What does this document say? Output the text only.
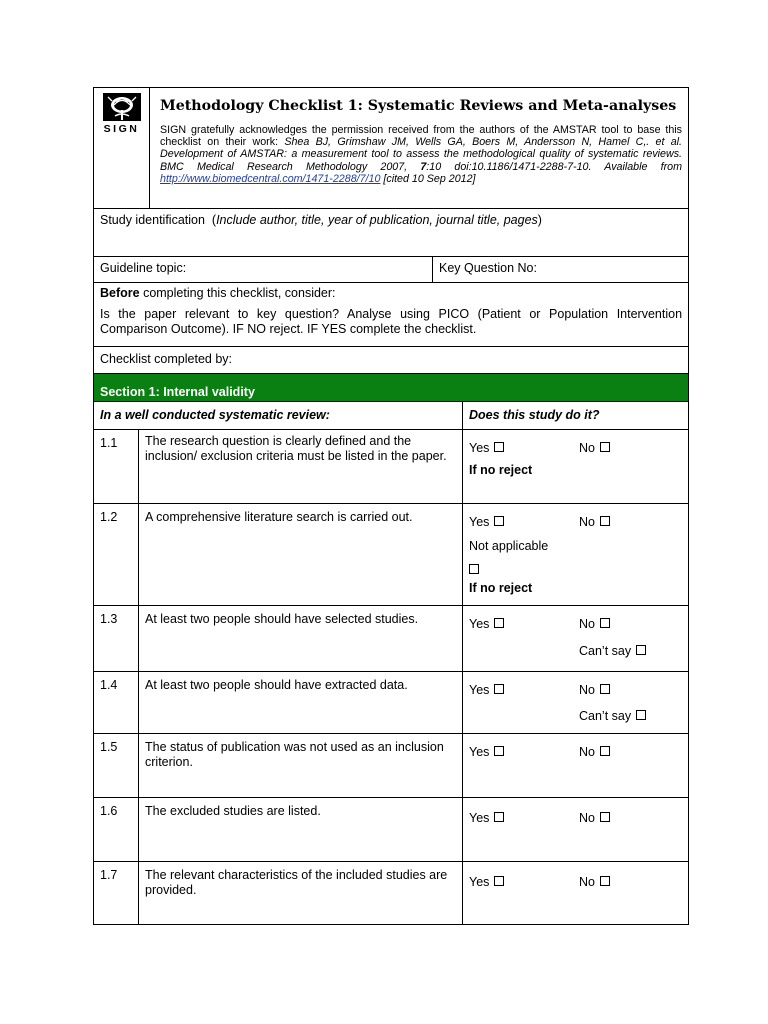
SIGN		Methodology Checklist 1: Systematic Reviews and Meta-analyses
SIGN gratefully acknowledges the permission received from the authors of the AMSTAR tool to base this checklist on their work: Shea BJ, Grimshaw JM, Wells GA, Boers M, Andersson N, Hamel C,. et al. Development of AMSTAR: a measurement tool to assess the methodological quality of systematic reviews. BMC Medical Research Methodology 2007, 7:10 doi:10.1186/1471-2288-7-10. Available from http://www.biomedcentral.com/1471-2288/7/10 [cited 10 Sep 2012]		

Study identification  (Include author, title, year of publication, journal title, pages)				

Guideline topic:			Key Question No:	

Before completing this checklist, consider:
Is the paper relevant to key question? Analyse using PICO (Patient or Population Intervention Comparison Outcome). IF NO reject. IF YES complete the checklist.				

Checklist completed by:				

Section 1: Internal validity				

In a well conducted systematic review:				Does this study do it?

1.1	The research question is clearly defined and the inclusion/ exclusion criteria must be listed in the paper.			Yes No
If no reject

1.2	A comprehensive literature search is carried out.			Yes No
Not applicable
If no reject

1.3	At least two people should have selected studies.			Yes No
Can’t say

1.4	At least two people should have extracted data.			Yes No
Can’t say

1.5	The status of publication was not used as an inclusion criterion.			Yes No

1.6	The excluded studies are listed.			Yes No

1.7	The relevant characteristics of the included studies are provided.			Yes No
